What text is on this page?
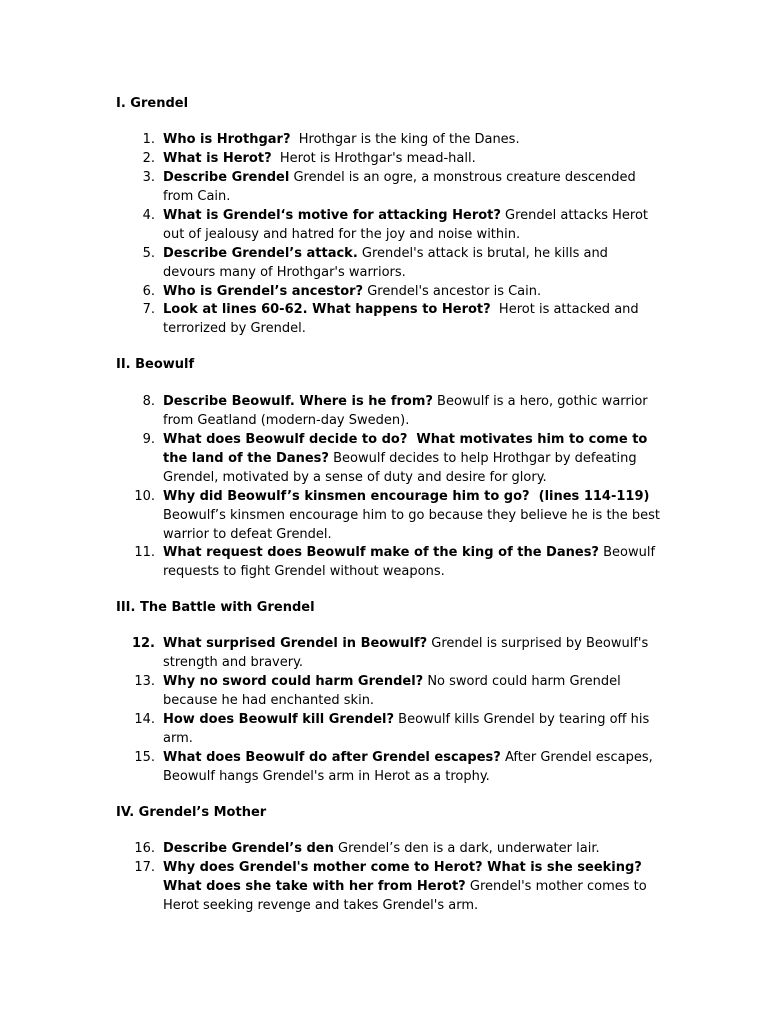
I. Grendel
1. Who is Hrothgar?  Hrothgar is the king of the Danes.
2. What is Herot?  Herot is Hrothgar's mead-hall.
3. Describe Grendel Grendel is an ogre, a monstrous creature descended from Cain.
4. What is Grendel‘s motive for attacking Herot? Grendel attacks Herot out of jealousy and hatred for the joy and noise within.
5. Describe Grendel’s attack. Grendel's attack is brutal, he kills and devours many of Hrothgar's warriors.
6. Who is Grendel’s ancestor? Grendel's ancestor is Cain.
7. Look at lines 60-62. What happens to Herot?  Herot is attacked and terrorized by Grendel.
II. Beowulf
8. Describe Beowulf. Where is he from? Beowulf is a hero, gothic warrior from Geatland (modern-day Sweden).
9. What does Beowulf decide to do?  What motivates him to come to the land of the Danes? Beowulf decides to help Hrothgar by defeating Grendel, motivated by a sense of duty and desire for glory.
10. Why did Beowulf’s kinsmen encourage him to go?  (lines 114-119) Beowulf’s kinsmen encourage him to go because they believe he is the best warrior to defeat Grendel.
11. What request does Beowulf make of the king of the Danes? Beowulf requests to fight Grendel without weapons.
III. The Battle with Grendel
12. What surprised Grendel in Beowulf? Grendel is surprised by Beowulf's strength and bravery.
13. Why no sword could harm Grendel? No sword could harm Grendel because he had enchanted skin.
14. How does Beowulf kill Grendel? Beowulf kills Grendel by tearing off his arm.
15. What does Beowulf do after Grendel escapes? After Grendel escapes, Beowulf hangs Grendel's arm in Herot as a trophy.
IV. Grendel’s Mother
16. Describe Grendel’s den Grendel’s den is a dark, underwater lair.
17. Why does Grendel's mother come to Herot? What is she seeking? What does she take with her from Herot? Grendel's mother comes to Herot seeking revenge and takes Grendel's arm.
